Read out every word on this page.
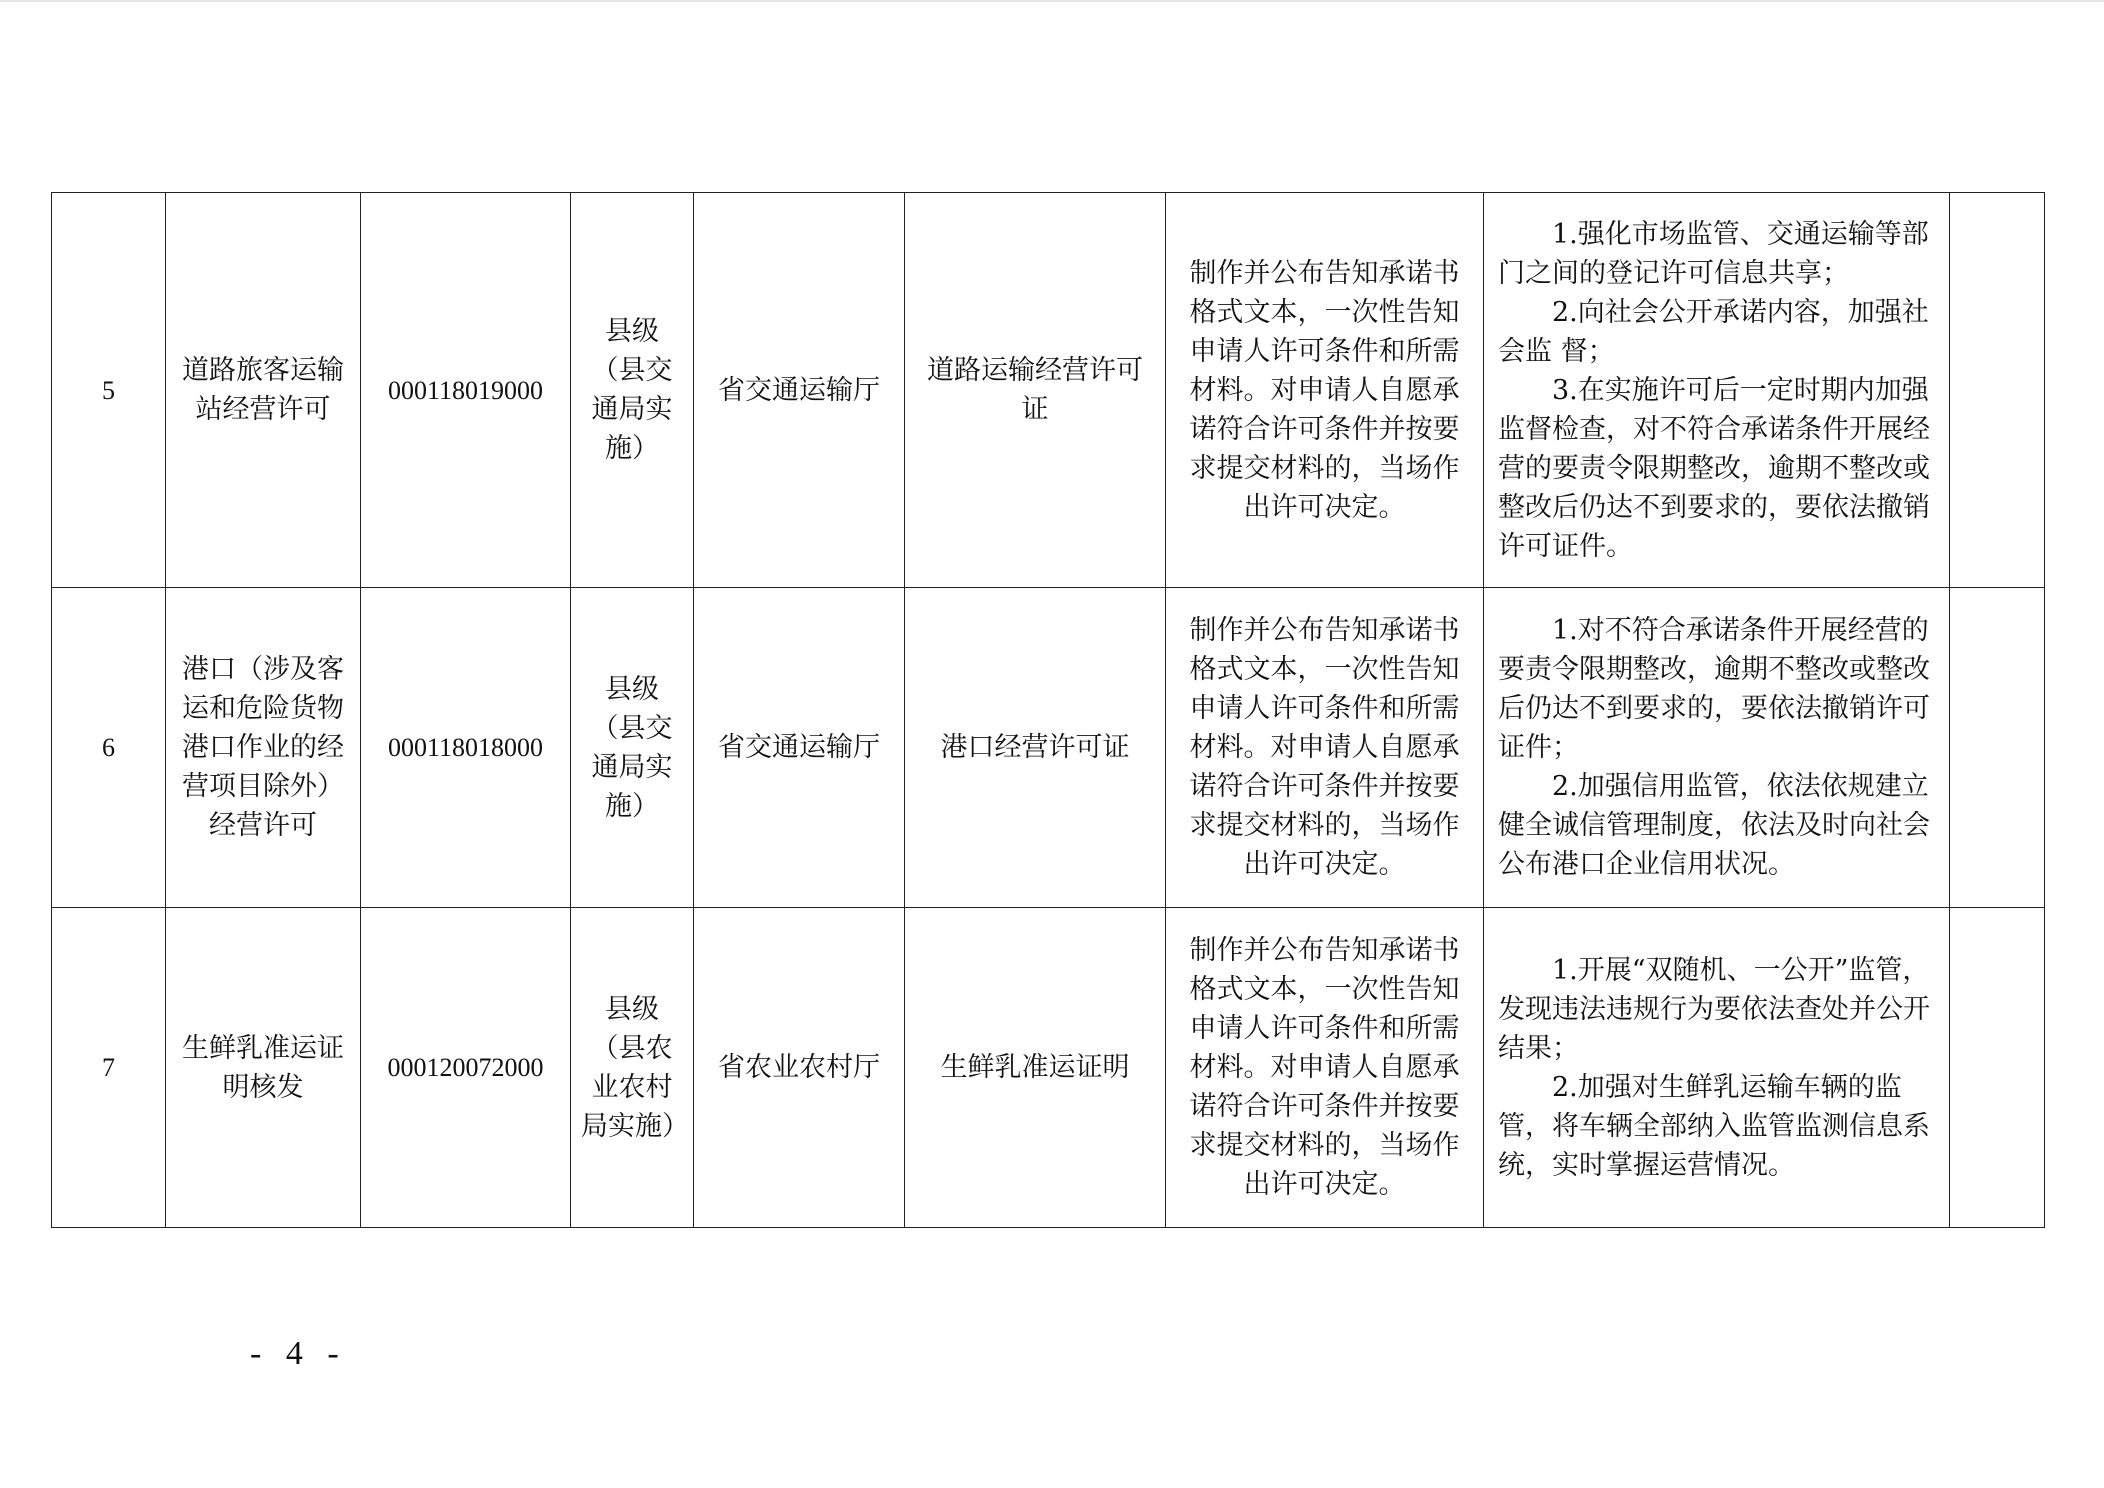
5	道路旅客运输站经营许可	000118019000	县级（县交通局实施）	省交通运输厅	道路运输经营许可证	制作并公布告知承诺书格式文本，一次性告知申请人许可条件和所需材料。对申请人自愿承诺符合许可条件并按要求提交材料的，当场作出许可决定。	1.强化市场监管、交通运输等部门之间的登记许可信息共享；
2.向社会公开承诺内容，加强社会监 督；
3.在实施许可后一定时期内加强监督检查，对不符合承诺条件开展经营的要责令限期整改，逾期不整改或整改后仍达不到要求的，要依法撤销许可证件。	

6	港口（涉及客运和危险货物港口作业的经营项目除外）经营许可	000118018000	县级（县交通局实施）	省交通运输厅	港口经营许可证	制作并公布告知承诺书格式文本，一次性告知申请人许可条件和所需材料。对申请人自愿承诺符合许可条件并按要求提交材料的，当场作出许可决定。	1.对不符合承诺条件开展经营的要责令限期整改，逾期不整改或整改后仍达不到要求的，要依法撤销许可证件；
2.加强信用监管，依法依规建立健全诚信管理制度，依法及时向社会公布港口企业信用状况。	

7	生鲜乳准运证明核发	000120072000	县级（县农业农村局实施）	省农业农村厅	生鲜乳准运证明	制作并公布告知承诺书格式文本，一次性告知申请人许可条件和所需材料。对申请人自愿承诺符合许可条件并按要求提交材料的，当场作出许可决定。	1.开展“双随机、一公开”监管，发现违法违规行为要依法查处并公开结果；
2.加强对生鲜乳运输车辆的监管，将车辆全部纳入监管监测信息系统，实时掌握运营情况。	

- 4 -
